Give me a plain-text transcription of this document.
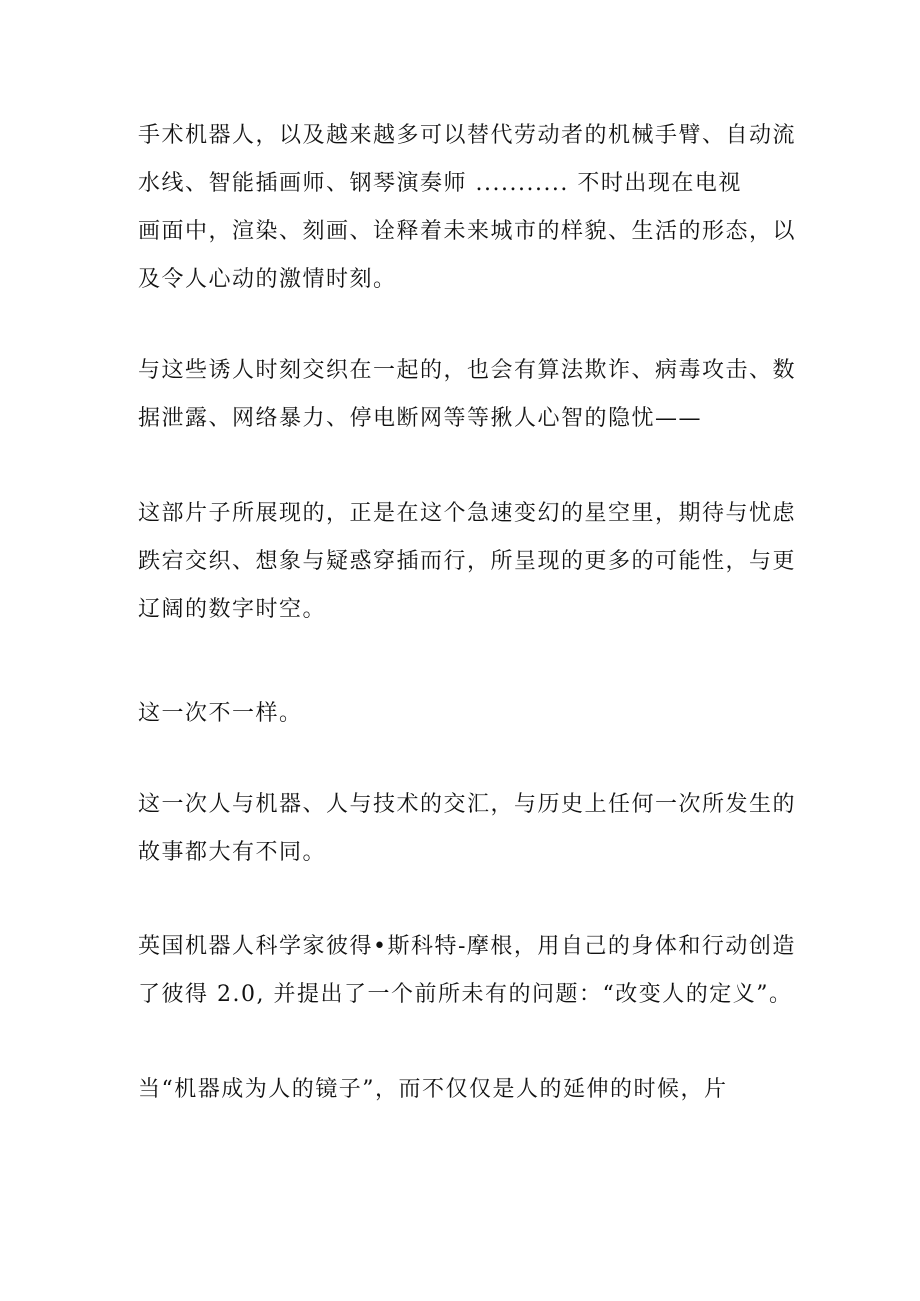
手术机器人，以及越来越多可以替代劳动者的机械手臂、自动流
水线、智能插画师、钢琴演奏师 ........... 不时出现在电视
画面中，渲染、刻画、诠释着未来城市的样貌、生活的形态，以
及令人心动的激情时刻。
与这些诱人时刻交织在一起的，也会有算法欺诈、病毒攻击、数
据泄露、网络暴力、停电断网等等揪人心智的隐忧——
这部片子所展现的，正是在这个急速变幻的星空里，期待与忧虑
跌宕交织、想象与疑惑穿插而行，所呈现的更多的可能性，与更
辽阔的数字时空。
这一次不一样。
这一次人与机器、人与技术的交汇，与历史上任何一次所发生的
故事都大有不同。
英国机器人科学家彼得•斯科特-摩根，用自己的身体和行动创造
了彼得 2.0, 并提出了一个前所未有的问题：“改变人的定义”。
当“机器成为人的镜子”，而不仅仅是人的延伸的时候，片
